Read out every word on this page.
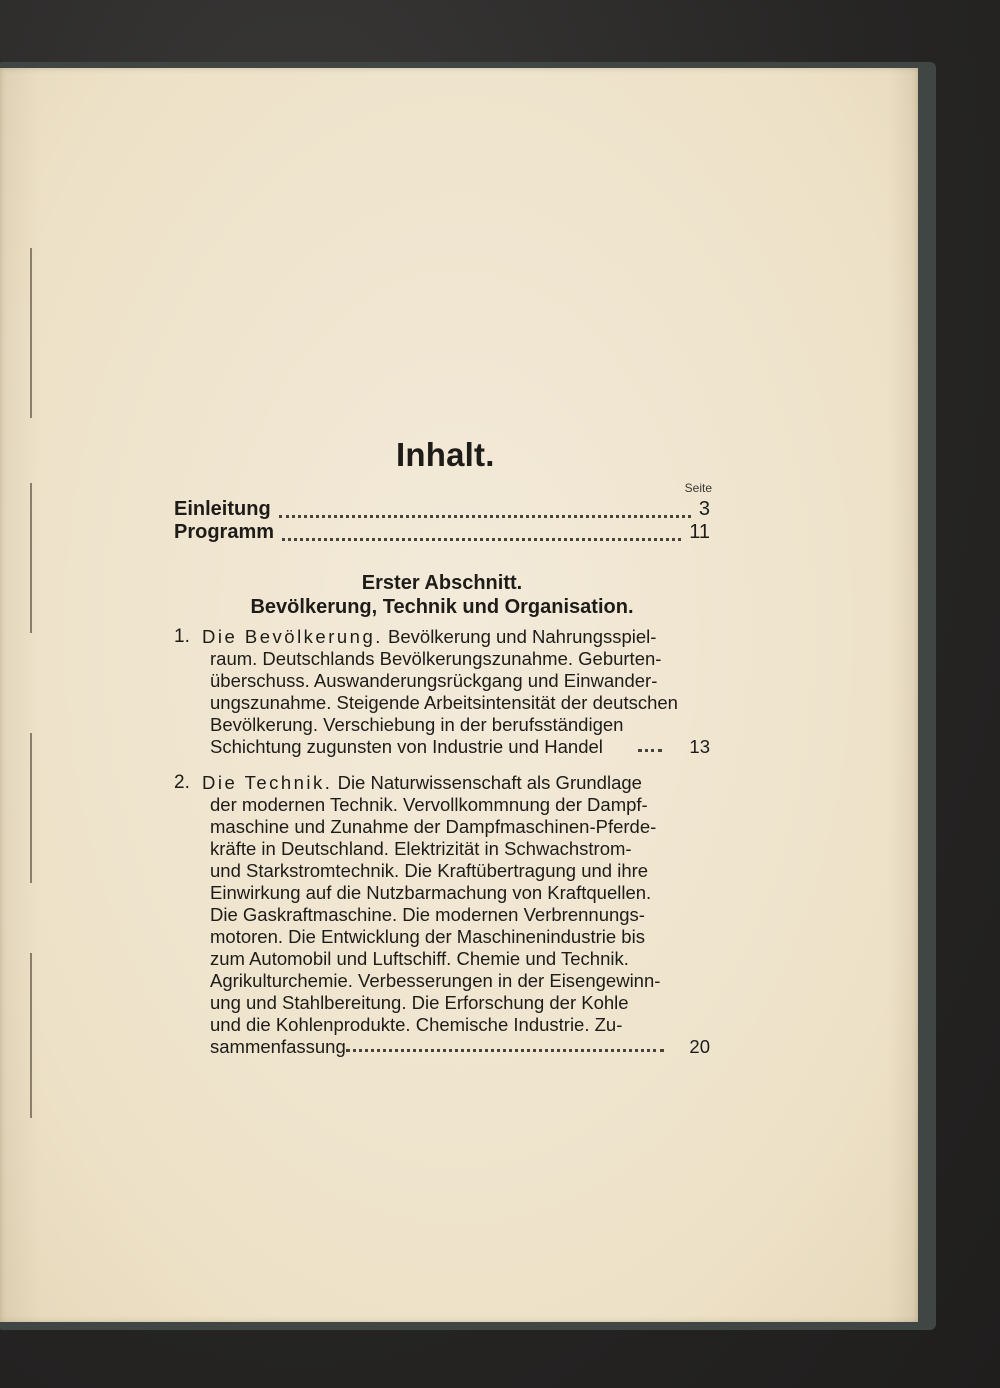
Inhalt.
Seite
Einleitung	3
Programm	11
Erster Abschnitt.
Bevölkerung, Technik und Organisation.
1. Die Bevölkerung. Bevölkerung und Nahrungsspiel-
raum. Deutschlands Bevölkerungszunahme. Geburten-
überschuss. Auswanderungsrückgang und Einwander-
ungszunahme. Steigende Arbeitsintensität der deutschen
Bevölkerung. Verschiebung in der berufsständigen
Schichtung zugunsten von Industrie und Handel	13
2. Die Technik. Die Naturwissenschaft als Grundlage
der modernen Technik. Vervollkommnung der Dampf-
maschine und Zunahme der Dampfmaschinen-Pferde-
kräfte in Deutschland. Elektrizität in Schwachstrom-
und Starkstromtechnik. Die Kraftübertragung und ihre
Einwirkung auf die Nutzbarmachung von Kraftquellen.
Die Gaskraftmaschine. Die modernen Verbrennungs-
motoren. Die Entwicklung der Maschinenindustrie bis
zum Automobil und Luftschiff. Chemie und Technik.
Agrikulturchemie. Verbesserungen in der Eisengewinn-
ung und Stahlbereitung. Die Erforschung der Kohle
und die Kohlenprodukte. Chemische Industrie. Zu-
sammenfassung	20
